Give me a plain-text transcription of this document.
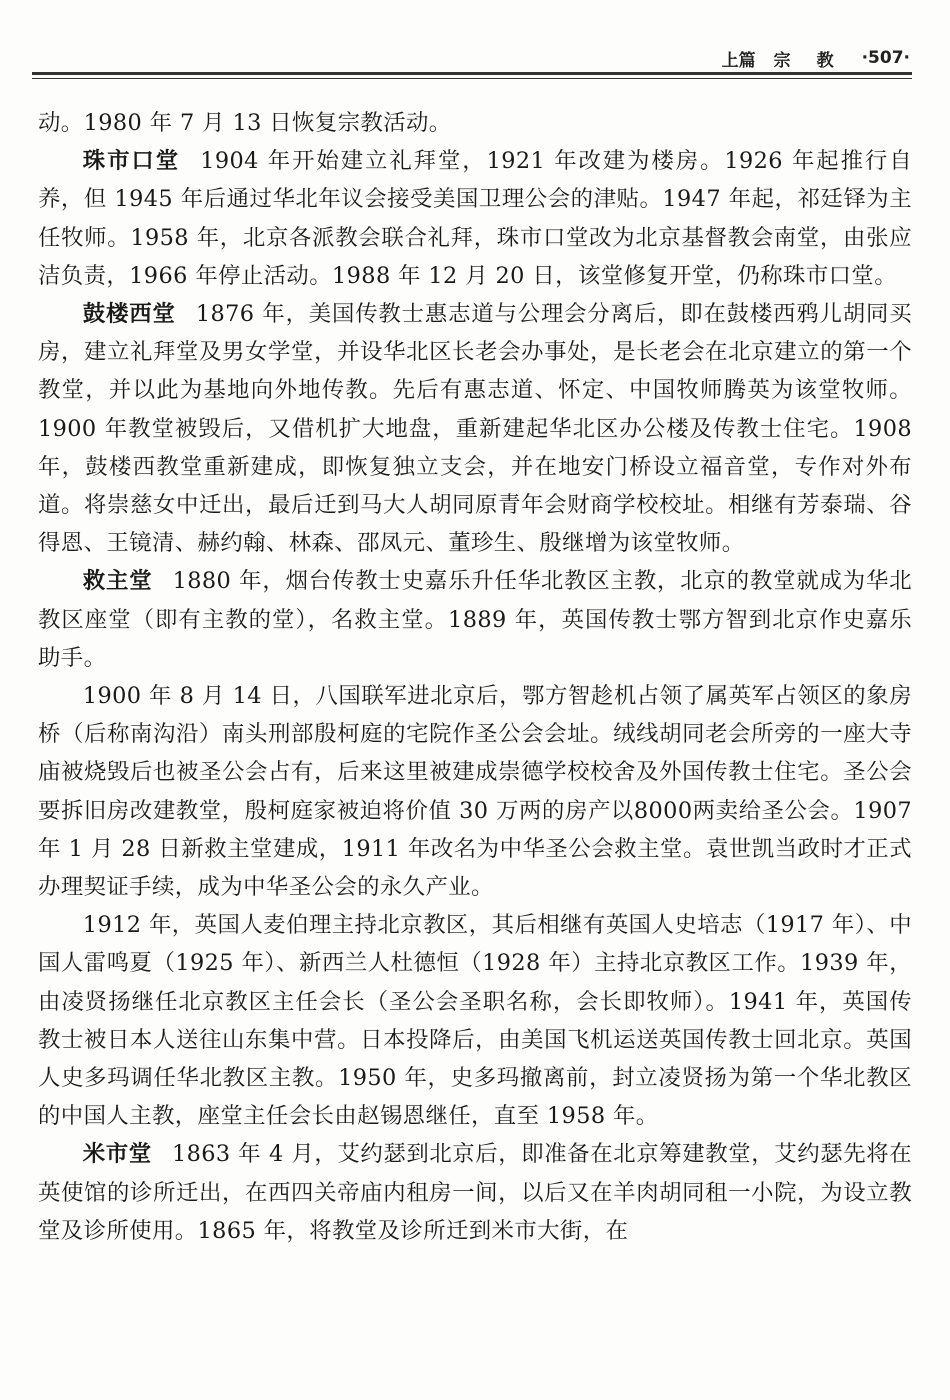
上篇 宗 教 ·507·

动。1980 年 7 月 13 日恢复宗教活动。

珠市口堂 1904 年开始建立礼拜堂，1921 年改建为楼房。1926 年起推行自养，但 1945 年后通过华北年议会接受美国卫理公会的津贴。1947 年起，祁廷铎为主任牧师。1958 年，北京各派教会联合礼拜，珠市口堂改为北京基督教会南堂，由张应洁负责，1966 年停止活动。1988 年 12 月 20 日，该堂修复开堂，仍称珠市口堂。

鼓楼西堂 1876 年，美国传教士惠志道与公理会分离后，即在鼓楼西鸦儿胡同买房，建立礼拜堂及男女学堂，并设华北区长老会办事处，是长老会在北京建立的第一个教堂，并以此为基地向外地传教。先后有惠志道、怀定、中国牧师腾英为该堂牧师。1900 年教堂被毁后，又借机扩大地盘，重新建起华北区办公楼及传教士住宅。1908 年，鼓楼西教堂重新建成，即恢复独立支会，并在地安门桥设立福音堂，专作对外布道。将崇慈女中迁出，最后迁到马大人胡同原青年会财商学校校址。相继有芳泰瑞、谷得恩、王镜清、赫约翰、林森、邵凤元、董珍生、殷继增为该堂牧师。

救主堂 1880 年，烟台传教士史嘉乐升任华北教区主教，北京的教堂就成为华北教区座堂（即有主教的堂），名救主堂。1889 年，英国传教士鄂方智到北京作史嘉乐助手。

1900 年 8 月 14 日，八国联军进北京后，鄂方智趁机占领了属英军占领区的象房桥（后称南沟沿）南头刑部殷柯庭的宅院作圣公会会址。绒线胡同老会所旁的一座大寺庙被烧毁后也被圣公会占有，后来这里被建成崇德学校校舍及外国传教士住宅。圣公会要拆旧房改建教堂，殷柯庭家被迫将价值 30 万两的房产以8000两卖给圣公会。1907 年 1 月 28 日新救主堂建成，1911 年改名为中华圣公会救主堂。袁世凯当政时才正式办理契证手续，成为中华圣公会的永久产业。

1912 年，英国人麦伯理主持北京教区，其后相继有英国人史培志（1917 年）、中国人雷鸣夏（1925 年）、新西兰人杜德恒（1928 年）主持北京教区工作。1939 年，由凌贤扬继任北京教区主任会长（圣公会圣职名称，会长即牧师）。1941 年，英国传教士被日本人送往山东集中营。日本投降后，由美国飞机运送英国传教士回北京。英国人史多玛调任华北教区主教。1950 年，史多玛撤离前，封立凌贤扬为第一个华北教区的中国人主教，座堂主任会长由赵锡恩继任，直至 1958 年。

米市堂 1863 年 4 月，艾约瑟到北京后，即准备在北京筹建教堂，艾约瑟先将在英使馆的诊所迁出，在西四关帝庙内租房一间，以后又在羊肉胡同租一小院，为设立教堂及诊所使用。1865 年，将教堂及诊所迁到米市大街，在
